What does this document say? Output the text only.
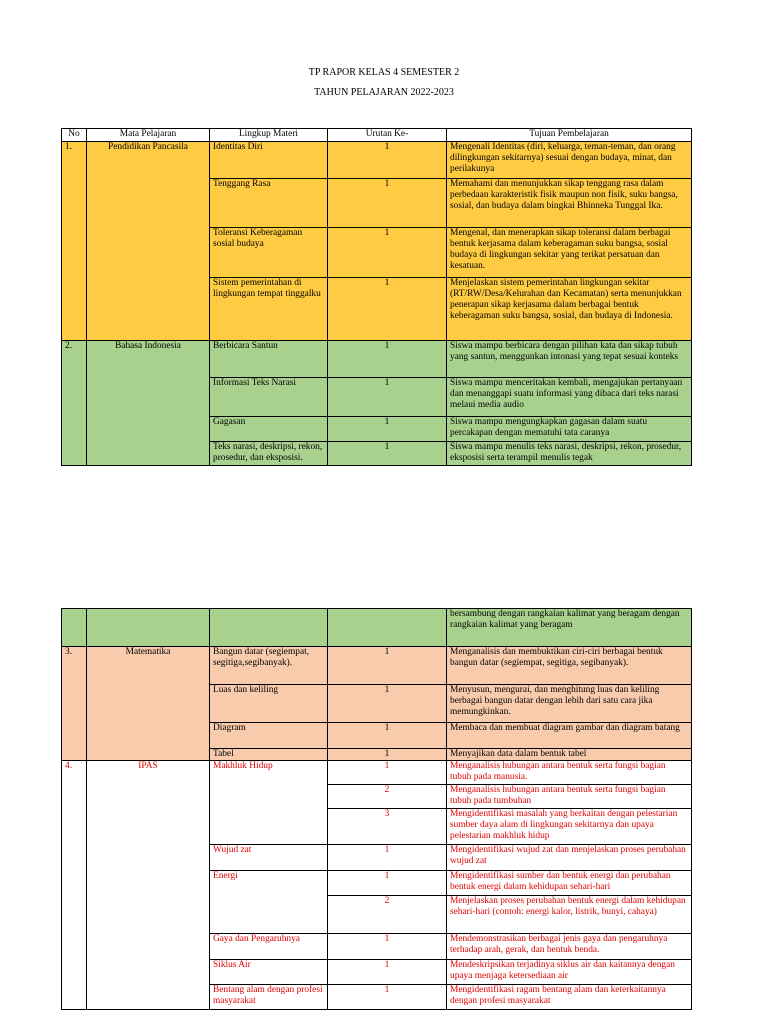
TP RAPOR KELAS 4 SEMESTER 2
TAHUN PELAJARAN 2022-2023
No	Mata Pelajaran	Lingkup Materi	Urutan Ke-	Tujuan Pembelajaran
1.	Pendidikan Pancasila	Identitas Diri	1	Mengenali Identitas (diri, keluarga, teman-teman, dan orang dilingkungan sekitarnya) sesuai dengan budaya, minat, dan perilakunya
		Tenggang Rasa	1	Memahami dan menunjukkan sikap tenggang rasa dalam perbedaan karakteristik fisik maupun non fisik, suku bangsa, sosial, dan budaya dalam bingkai Bhinneka Tunggal Ika.
		Toleransi Keberagaman sosial budaya	1	Mengenal, dan menerapkan sikap toleransi dalam berbagai bentuk kerjasama dalam keberagaman suku bangsa, sosial budaya di lingkungan sekitar yang terikat persatuan dan kesatuan.
		Sistem pemerintahan di lingkungan tempat tinggalku	1	Menjelaskan sistem pemerintahan lingkungan sekitar (RT/RW/Desa/Kelurahan dan Kecamatan) serta menunjukkan penerapan sikap kerjasama dalam berbagai bentuk keberagaman suku bangsa, sosial, dan budaya di Indonesia.
2.	Bahasa Indonesia	Berbicara Santun	1	Siswa mampu berbicara dengan pilihan kata dan sikap tubuh yang santun, menggunkan intonasi yang tepat sesuai konteks
		Informasi Teks Narasi	1	Siswa mampu menceritakan kembali, mengajukan pertanyaan dan menanggapi suatu informasi yang dibaca dari teks narasi melaui media audio
		Gagasan	1	Siswa mampu mengungkapkan gagasan dalam suatu percakapan dengan mematuhi tata caranya
		Teks narasi, deskripsi, rekon, prosedur, dan eksposisi.	1	Siswa mampu menulis teks narasi, deskripsi, rekon, prosedur, eksposisi serta terampil menulis tegak
				bersambung dengan rangkaian kalimat yang beragam dengan rangkaian kalimat yang beragam
3.	Matematika	Bangun datar (segiempat, segitiga,segibanyak).	1	Menganalisis dan membuktikan ciri-ciri berbagai bentuk bangun datar (segiempat, segitiga, segibanyak).
		Luas dan keliling	1	Menyusun, mengurai, dan menghitung luas dan keliling berbagai bangun datar dengan lebih dari satu cara jika memungkinkan.
		Diagram	1	Membaca dan membuat diagram gambar dan diagram batang
		Tabel	1	Menyajikan data dalam bentuk tabel
4.	IPAS	Makhluk Hidup	1	Menganalisis hubungan antara bentuk serta fungsi bagian tubuh pada manusia.
			2	Menganalisis hubungan antara bentuk serta fungsi bagian tubuh pada tumbuhan
			3	Mengidentifikasi masalah yang berkaitan dengan pelestarian sumber daya alam di lingkungan sekitarnya dan upaya pelestarian makhluk hidup
		Wujud zat	1	Mengidentifikasi wujud zat dan menjelaskan proses perubahan wujud zat
		Energi	1	Mengidentifikasi sumber dan bentuk energi dan perubahan bentuk energi dalam kehidupan sehari-hari
			2	Menjelaskan proses perubahan bentuk energi dalam kehidupan sehari-hari (contoh: energi kalor, listrik, bunyi, cahaya)
		Gaya dan Pengaruhnya	1	Mendemonstrasikan berbagai jenis gaya dan pengaruhnya terhadap arah, gerak, dan bentuk benda.
		Siklus Air	1	Mendeskripsikan terjadinya siklus air dan kaitannya dengan upaya menjaga ketersediaan air
		Bentang alam dengan profesi masyarakat	1	Mengidentifikasi ragam bentang alam dan keterkaitannya dengan profesi masyarakat
